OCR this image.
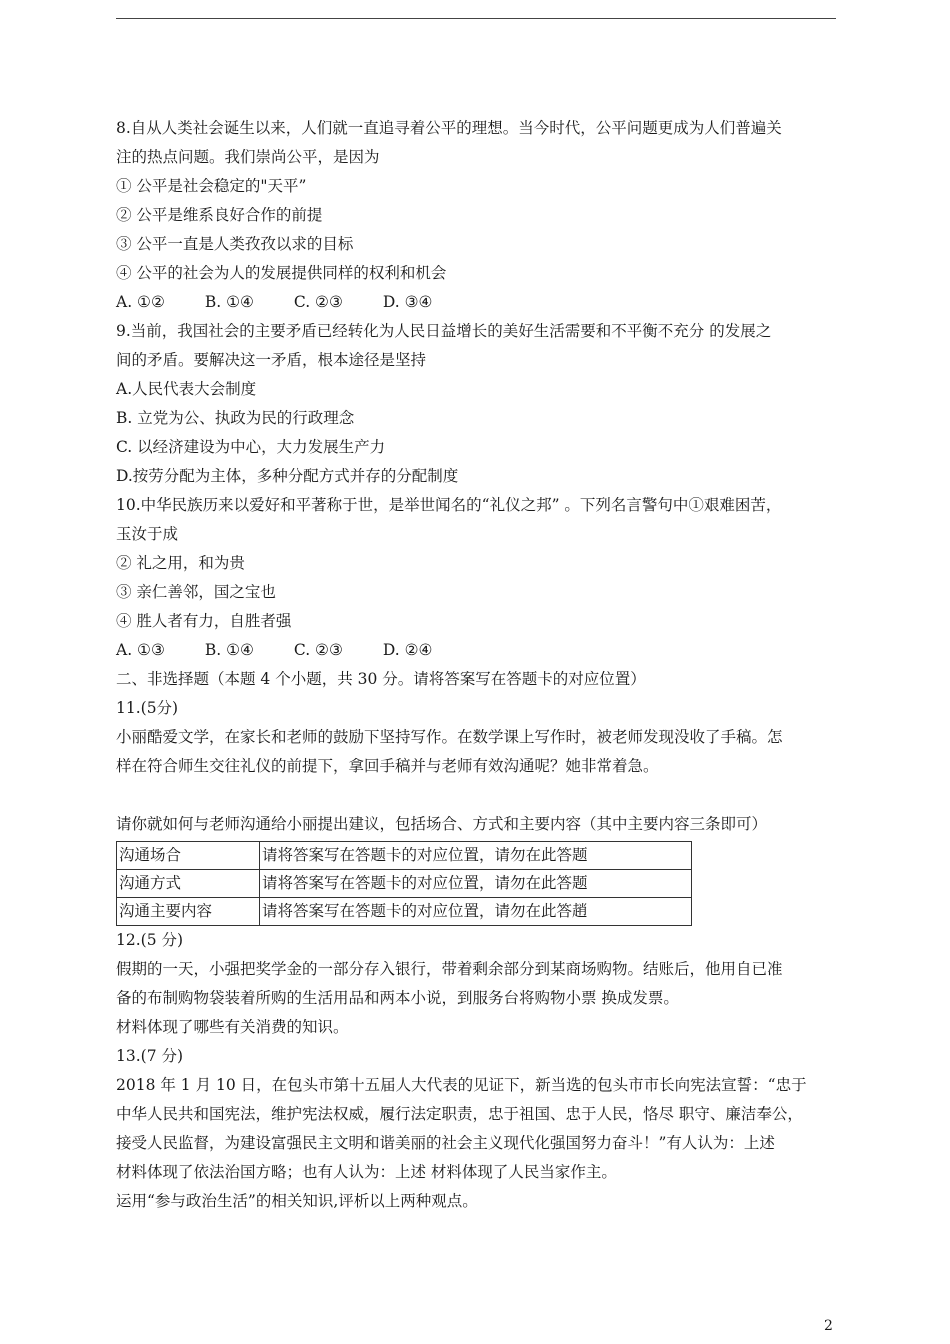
8.自从人类社会诞生以来，人们就一直追寻着公平的理想。当今时代，公平问题更成为人们普遍关
注的热点问题。我们崇尚公平，是因为
① 公平是社会稳定的"天平”
② 公平是维系良好合作的前提
③ 公平一直是人类孜孜以求的目标
④ 公平的社会为人的发展提供同样的权利和机会
A. ①②	B. ①④	C. ②③	D. ③④
9.当前，我国社会的主要矛盾已经转化为人民日益增长的美好生活需要和不平衡不充分 的发展之
间的矛盾。要解决这一矛盾，根本途径是坚持
A.人民代表大会制度
B. 立党为公、执政为民的行政理念
C. 以经济建设为中心，大力发展生产力
D.按劳分配为主体，多种分配方式并存的分配制度
10.中华民族历来以爱好和平著称于世，是举世闻名的“礼仪之邦” 。下列名言警句中①艰难困苦，
玉汝于成
② 礼之用，和为贵
③ 亲仁善邻，国之宝也
④ 胜人者有力，自胜者强
A. ①③	B. ①④	C. ②③	D. ②④
二、非选择题（本题 4 个小题，共 30 分。请将答案写在答题卡的对应位置）
11.(5分)
小丽酷爱文学，在家长和老师的鼓励下坚持写作。在数学课上写作时，被老师发现没收了手稿。怎
样在符合师生交往礼仪的前提下，拿回手稿并与老师有效沟通呢？她非常着急。
请你就如何与老师沟通给小丽提出建议，包括场合、方式和主要内容（其中主要内容三条即可）
沟通场合	请将答案写在答题卡的对应位置，请勿在此答题
沟通方式	请将答案写在答题卡的对应位置，请勿在此答题
沟通主要内容	请将答案写在答题卡的对应位置，请勿在此答趙
12.(5 分)
假期的一天，小强把奖学金的一部分存入银行，带着剩余部分到某商场购物。结账后，他用自已准
备的布制购物袋装着所购的生活用品和两本小说，到服务台将购物小票 换成发票。
材料体现了哪些有关消费的知识。
13.(7 分)
2018 年 1 月 10 日，在包头市第十五届人大代表的见证下，新当选的包头市市长向宪法宣誓：“忠于
中华人民共和国宪法，维护宪法权威，履行法定职责，忠于祖国、忠于人民，恪尽 职守、廉洁奉公，
接受人民监督，为建设富强民主文明和谐美丽的社会主义现代化强国努力奋斗！”有人认为：上述
材料体现了依法治国方略；也有人认为：上述 材料体现了人民当家作主。
运用“参与政治生活”的相关知识,评析以上两种观点。
2
